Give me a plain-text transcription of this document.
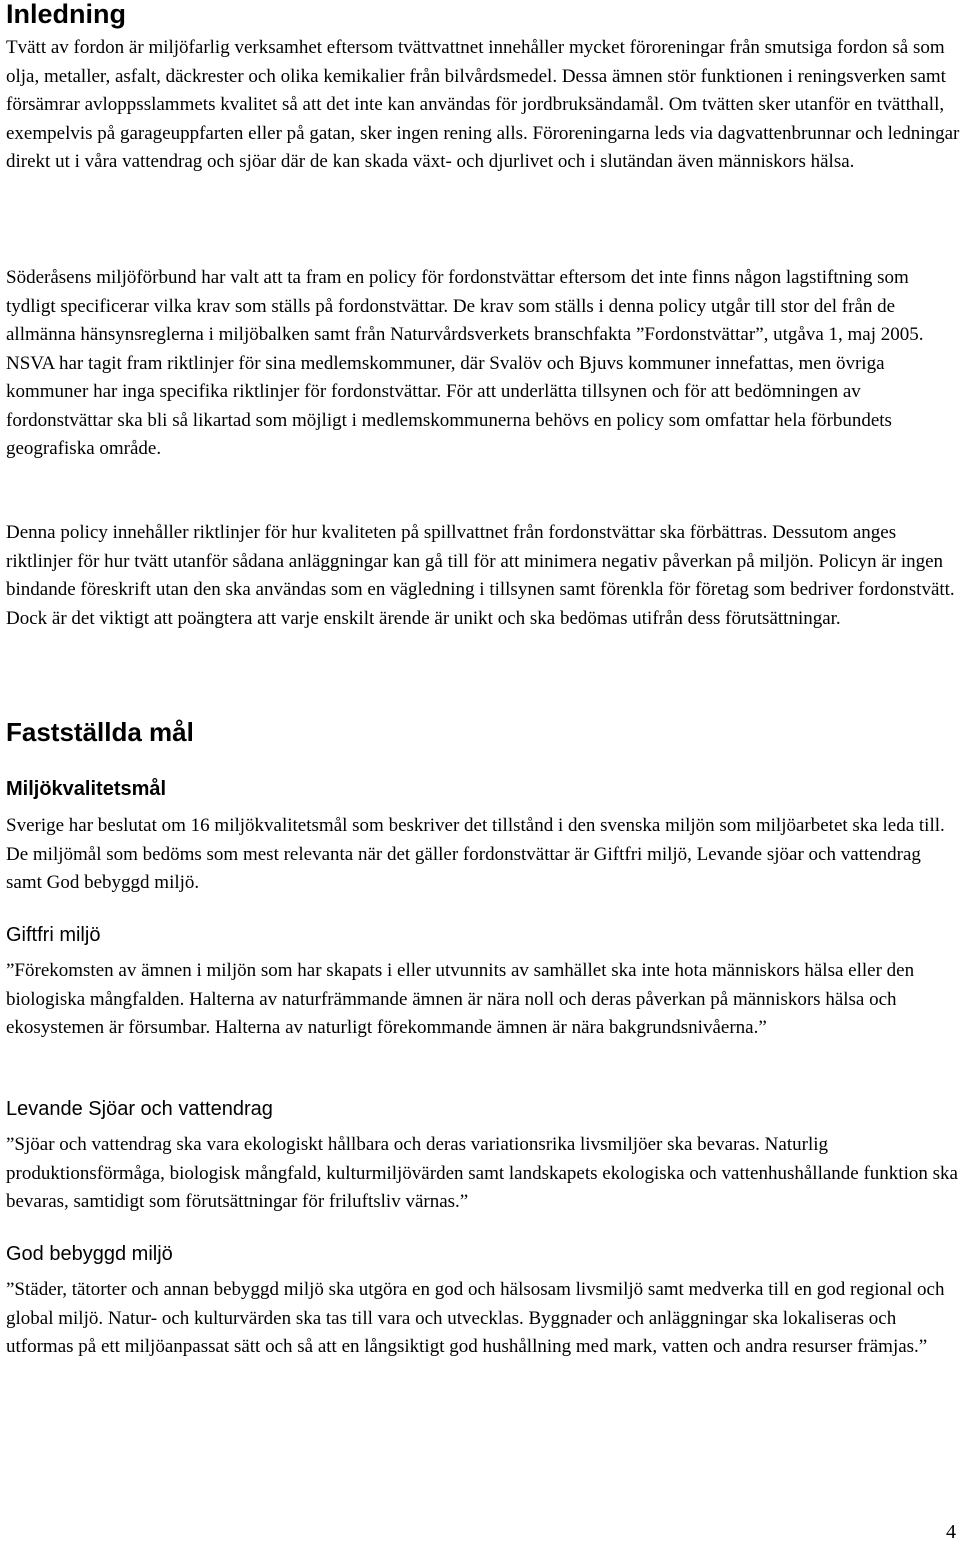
Inledning

Tvätt av fordon är miljöfarlig verksamhet eftersom tvättvattnet innehåller mycket föroreningar från smutsiga fordon så som olja, metaller, asfalt, däckrester och olika kemikalier från bilvårdsmedel. Dessa ämnen stör funktionen i reningsverken samt försämrar avloppsslammets kvalitet så att det inte kan användas för jordbruksändamål. Om tvätten sker utanför en tvätthall, exempelvis på garageuppfarten eller på gatan, sker ingen rening alls. Föroreningarna leds via dagvattenbrunnar och ledningar direkt ut i våra vattendrag och sjöar där de kan skada växt- och djurlivet och i slutändan även människors hälsa.

Söderåsens miljöförbund har valt att ta fram en policy för fordonstvättar eftersom det inte finns någon lagstiftning som tydligt specificerar vilka krav som ställs på fordonstvättar. De krav som ställs i denna policy utgår till stor del från de allmänna hänsynsreglerna i miljöbalken samt från Naturvårdsverkets branschfakta ”Fordonstvättar”, utgåva 1, maj 2005. NSVA har tagit fram riktlinjer för sina medlemskommuner, där Svalöv och Bjuvs kommuner innefattas, men övriga kommuner har inga specifika riktlinjer för fordonstvättar. För att underlätta tillsynen och för att bedömningen av fordonstvättar ska bli så likartad som möjligt i medlemskommunerna behövs en policy som omfattar hela förbundets geografiska område.

Denna policy innehåller riktlinjer för hur kvaliteten på spillvattnet från fordonstvättar ska förbättras. Dessutom anges riktlinjer för hur tvätt utanför sådana anläggningar kan gå till för att minimera negativ påverkan på miljön. Policyn är ingen bindande föreskrift utan den ska användas som en vägledning i tillsynen samt förenkla för företag som bedriver fordonstvätt. Dock är det viktigt att poängtera att varje enskilt ärende är unikt och ska bedömas utifrån dess förutsättningar.

Fastställda mål
Miljökvalitetsmål

Sverige har beslutat om 16 miljökvalitetsmål som beskriver det tillstånd i den svenska miljön som miljöarbetet ska leda till. De miljömål som bedöms som mest relevanta när det gäller fordonstvättar är Giftfri miljö, Levande sjöar och vattendrag samt God bebyggd miljö.

Giftfri miljö

”Förekomsten av ämnen i miljön som har skapats i eller utvunnits av samhället ska inte hota människors hälsa eller den biologiska mångfalden. Halterna av naturfrämmande ämnen är nära noll och deras påverkan på människors hälsa och ekosystemen är försumbar. Halterna av naturligt förekommande ämnen är nära bakgrundsnivåerna.”

Levande Sjöar och vattendrag

”Sjöar och vattendrag ska vara ekologiskt hållbara och deras variationsrika livsmiljöer ska bevaras. Naturlig produktionsförmåga, biologisk mångfald, kulturmiljövärden samt landskapets ekologiska och vattenhushållande funktion ska bevaras, samtidigt som förutsättningar för friluftsliv värnas.”

God bebyggd miljö

”Städer, tätorter och annan bebyggd miljö ska utgöra en god och hälsosam livsmiljö samt medverka till en god regional och global miljö. Natur- och kulturvärden ska tas till vara och utvecklas. Byggnader och anläggningar ska lokaliseras och utformas på ett miljöanpassat sätt och så att en långsiktigt god hushållning med mark, vatten och andra resurser främjas.”

4
